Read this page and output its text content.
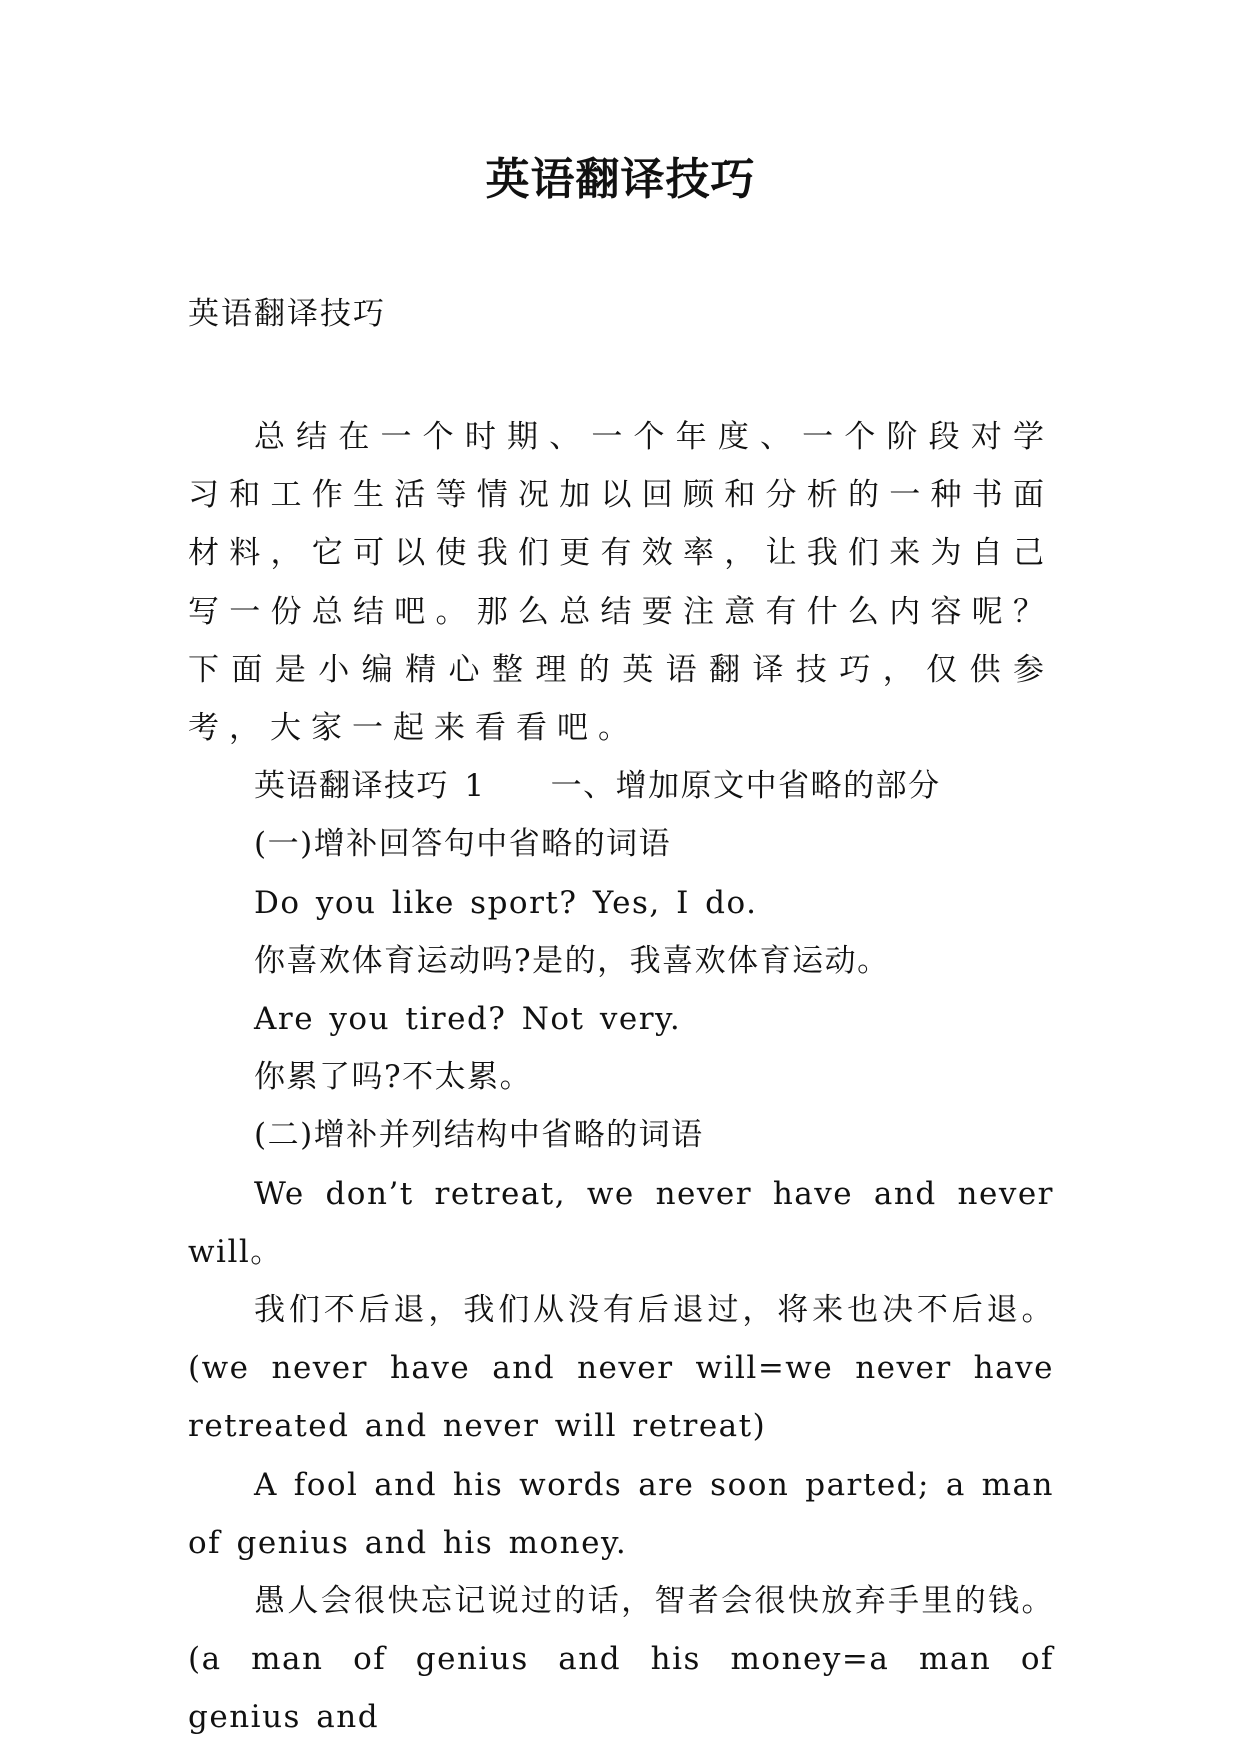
英语翻译技巧
英语翻译技巧

总结在一个时期、一个年度、一个阶段对学习和工作生活等情况加以回顾和分析的一种书面材料，它可以使我们更有效率，让我们来为自己写一份总结吧。那么总结要注意有什么内容呢？下面是小编精心整理的英语翻译技巧，仅供参考，大家一起来看看吧。

英语翻译技巧 1　　一、增加原文中省略的部分

(一)增补回答句中省略的词语

Do you like sport? Yes, I do.

你喜欢体育运动吗?是的，我喜欢体育运动。

Are you tired? Not very.

你累了吗?不太累。

(二)增补并列结构中省略的词语

We don’t retreat, we never have and never will。

我们不后退，我们从没有后退过，将来也决不后退。(we never have and never will=we never have retreated and never will retreat)

A fool and his words are soon parted; a man of genius and his money.

愚人会很快忘记说过的话，智者会很快放弃手里的钱。(a man of genius and his money=a man of genius and
